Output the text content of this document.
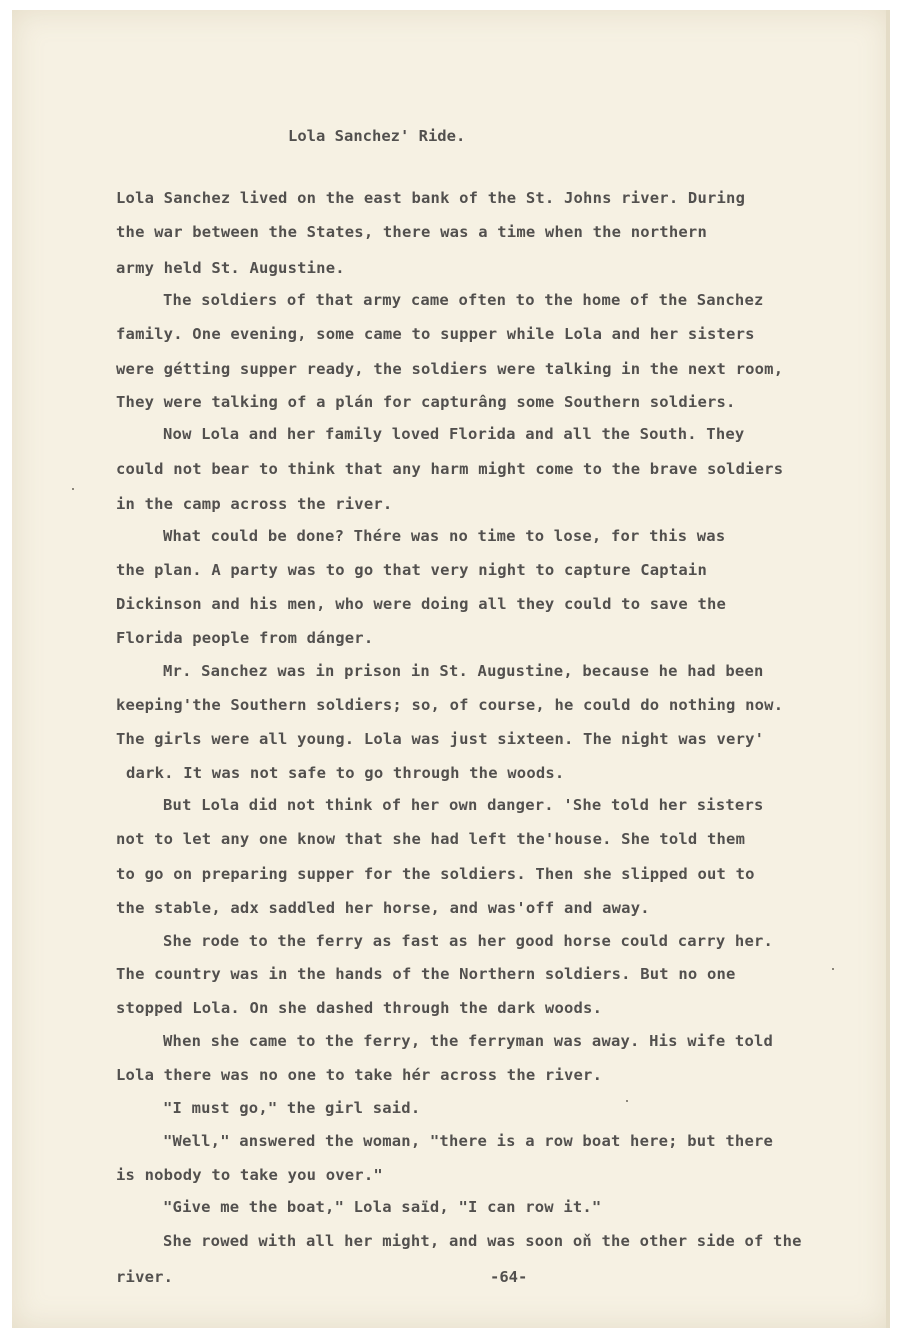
Lola Sanchez' Ride.
Lola Sanchez lived on the east bank of the St. Johns river. During
the war between the States, there was a time when the northern
army held St. Augustine.
The soldiers of that army came often to the home of the Sanchez
family. One evening, some came to supper while Lola and her sisters
were gétting supper ready, the soldiers were talking in the next room,
They were talking of a plán for capturâng some Southern soldiers.
Now Lola and her family loved Florida and all the South. They
could not bear to think that any harm might come to the brave soldiers
in the camp across the river.
What could be done? Thére was no time to lose, for this was
the plan. A party was to go that very night to capture Captain
Dickinson and his men, who were doing all they could to save the
Florida people from dánger.
Mr. Sanchez was in prison in St. Augustine, because he had been
keeping'the Southern soldiers; so, of course, he could do nothing now.
The girls were all young. Lola was just sixteen. The night was very'
dark. It was not safe to go through the woods.
But Lola did not think of her own danger. 'She told her sisters
not to let any one know that she had left the'house. She told them
to go on preparing supper for the soldiers. Then she slipped out to
the stable, adx saddled her horse, and was'off and away.
She rode to the ferry as fast as her good horse could carry her.
The country was in the hands of the Northern soldiers. But no one
stopped Lola. On she dashed through the dark woods.
When she came to the ferry, the ferryman was away. His wife told
Lola there was no one to take hér across the river.
"I must go," the girl said.
"Well," answered the woman, "there is a row boat here; but there
is nobody to take you over."
"Give me the boat," Lola saïd, "I can row it."
She rowed with all her might, and was soon oň the other side of the
river.	-64-
